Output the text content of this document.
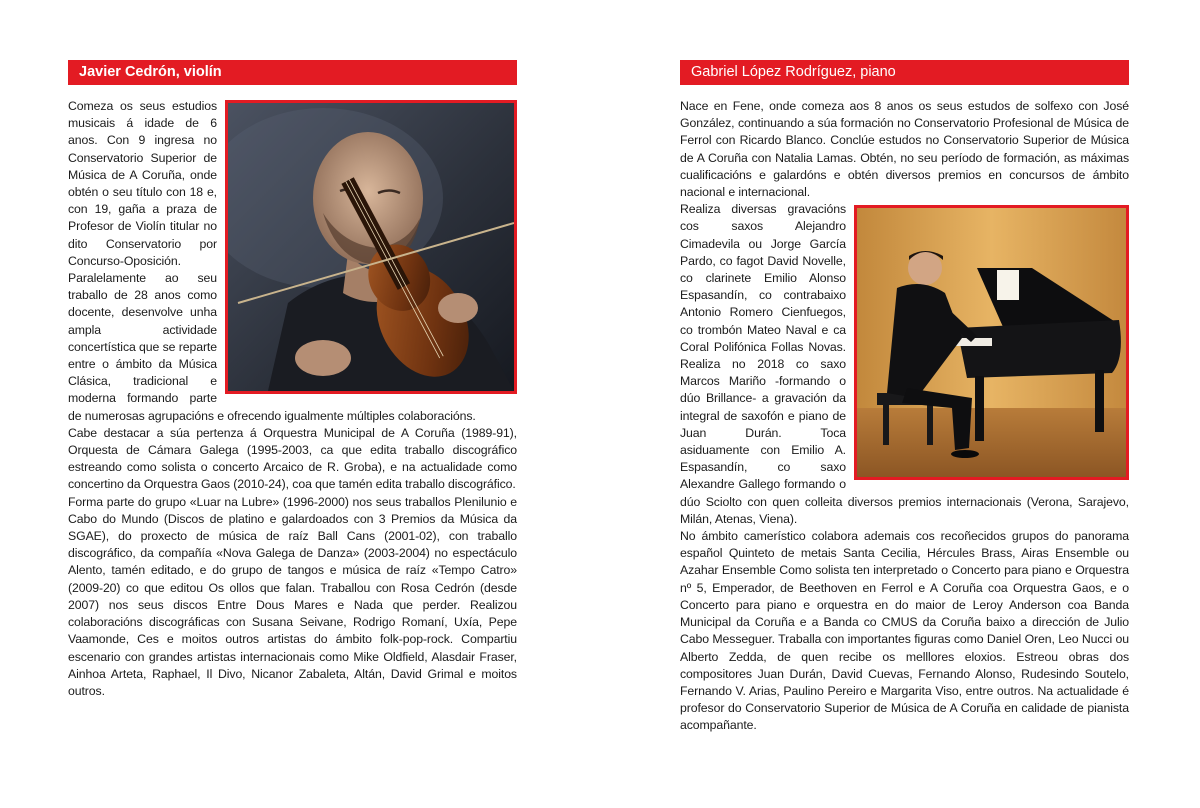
Javier Cedrón, violín

Comeza os seus estudios musicais á idade de 6 anos. Con 9 ingresa no Conservatorio Superior de Música de A Coruña, onde obtén o seu título con 18 e, con 19, gaña a praza de Profesor de Violín titular no dito Conservatorio por Concurso-Oposición. Paralelamente ao seu traballo de 28 anos como docente, desenvolve unha ampla actividade concertística que se reparte entre o ámbito da Música Clásica, tradicional e moderna formando parte de numerosas agrupacións e ofrecendo igualmente múltiples colaboracións.

Cabe destacar a súa pertenza á Orquestra Municipal de A Coruña (1989-91), Orquesta de Cámara Galega (1995-2003, ca que edita traballo discográfico estreando como solista o concerto Arcaico de R. Groba), e na actualidade como concertino da Orquestra Gaos (2010-24), coa que tamén edita traballo discográfico.

Forma parte do grupo «Luar na Lubre» (1996-2000) nos seus traballos Plenilunio e Cabo do Mundo (Discos de platino e galardoados con 3 Premios da Música da SGAE), do proxecto de música de raíz Ball Cans (2001-02), con traballo discográfico, da compañía «Nova Galega de Danza» (2003-2004) no espectáculo Alento, tamén editado, e do grupo de tangos e música de raíz «Tempo Catro» (2009-20) co que editou Os ollos que falan. Traballou con Rosa Cedrón (desde 2007) nos seus discos Entre Dous Mares e Nada que perder. Realizou colaboracións discográficas con Susana Seivane, Rodrigo Romaní, Uxía, Pepe Vaamonde, Ces e moitos outros artistas do ámbito folk-pop-rock. Compartiu escenario con grandes artistas internacionais como Mike Oldfield, Alasdair Fraser, Ainhoa Arteta, Raphael, Il Divo, Nicanor Zabaleta, Altán, David Grimal e moitos outros.

Gabriel López Rodríguez, piano

Nace en Fene, onde comeza aos 8 anos os seus estudos de solfexo con José González, continuando a súa formación no Conservatorio Profesional de Música de Ferrol con Ricardo Blanco. Conclúe estudos no Conservatorio Superior de Música de A Coruña con Natalia Lamas. Obtén, no seu período de formación, as máximas cualificacións e galardóns e obtén diversos premios en concursos de ámbito nacional e internacional.

Realiza diversas gravacións cos saxos Alejandro Cimadevila ou Jorge García Pardo, co fagot David Novelle, co clarinete Emilio Alonso Espasandín, co contrabaixo Antonio Romero Cienfuegos, co trombón Mateo Naval e ca Coral Polifónica Follas Novas. Realiza no 2018 co saxo Marcos Mariño -formando o dúo Brillance- a gravación da integral de saxofón e piano de Juan Durán. Toca asiduamente con Emilio A. Espasandín, co saxo Alexandre Gallego formando o dúo Sciolto con quen colleita diversos premios internacionais (Verona, Sarajevo, Milán, Atenas, Viena).

No ámbito camerístico colabora ademais cos recoñecidos grupos do panorama español Quinteto de metais Santa Cecilia, Hércules Brass, Airas Ensemble ou Azahar Ensemble Como solista ten interpretado o Concerto para piano e Orquestra nº 5, Emperador, de Beethoven en Ferrol e A Coruña coa Orquestra Gaos, e o Concerto para piano e orquestra en do maior de Leroy Anderson coa Banda Municipal da Coruña e a Banda co CMUS da Coruña baixo a dirección de Julio Cabo Messeguer. Traballa con importantes figuras como Daniel Oren, Leo Nucci ou Alberto Zedda, de quen recibe os melllores eloxios. Estreou obras dos compositores Juan Durán, David Cuevas, Fernando Alonso, Rudesindo Soutelo, Fernando V. Arias, Paulino Pereiro e Margarita Viso, entre outros. Na actualidade é profesor do Conservatorio Superior de Música de A Coruña en calidade de pianista acompañante.
